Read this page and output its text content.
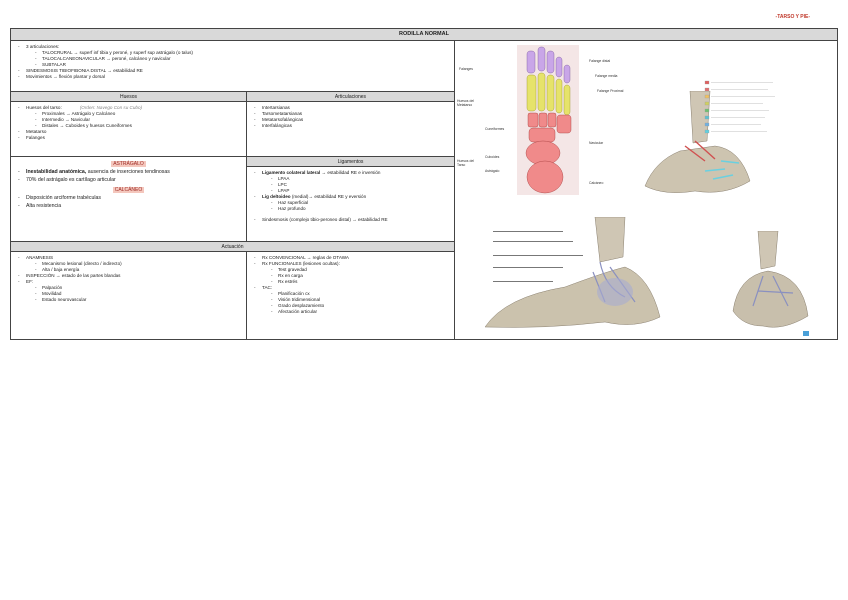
-TARSO Y PIE-
RODILLA NORMAL
- 3 articulaciones:
- TALOCRURAL → superf inf tibia y peroné, y superf sup astrágalo (o talus)
- TALOCALCANEONAVICULAR → peroné, calcáneo y navicular
- SUBTALAR
- SINDESMOSIS TIBIOFIBONIA DISTAL → estabilidad RE
- Movimientos → flexión plantar y dorsal
Huesos	Articulaciones
- Huesos del tarso:	(Orden: Navego Con su Cubo)
- Proximales → Astrágalo y Calcáneo
- Intermedio → Navicular
- Distales → Cuboides y huesos Cuneiformes
- Metatarso
- Falanges
- Intertarsianas
- Tarsometatarsianas
- Metatarsofalángicas
- Interfalángicas
ASTRÁGALO
- Inestabilidad anatómica, ausencia de inserciones tendinosas
- 70% del astrágalo es cartílago articular
CALCÁNEO
- Disposición arciforme trabéculas
- Alta resistencia
Ligamentos
- Ligamento colateral lateral → estabilidad RE e inversión
- LPAA
- LPC
- LPAP
- Lig deltoideo (medial)→ estabilidad RE y eversión
- Haz superficial
- Haz profundo
- Sindesmosis (complejo tibio-peroneo distal) → estabilidad RE
Actuación
- ANAMNESIS
- Mecanismo lesional (directo / indirecto)
- Alta / baja energía
- INSPECCIÓN → estado de las partes blandas
- EF:
- Palpación
- Movilidad
- Estado neurovascular
- Rx CONVENCIONAL → reglas de OTAWA
- Rx FUNCIONALES (lesiones ocultas):
- Test gravedad
- Rx en carga
- Rx estrés
- TAC:
- Planificación cx
- Visión tridimensional
- Grado desplazamiento
- Afectación articular
Falanges
Huesos del Metatarso
Huesos del Tarso
Falange distal
Falange media
Falange Proximal
Cuneiformes
Navicular
Cuboides
Astrágalo
Calcáneo
